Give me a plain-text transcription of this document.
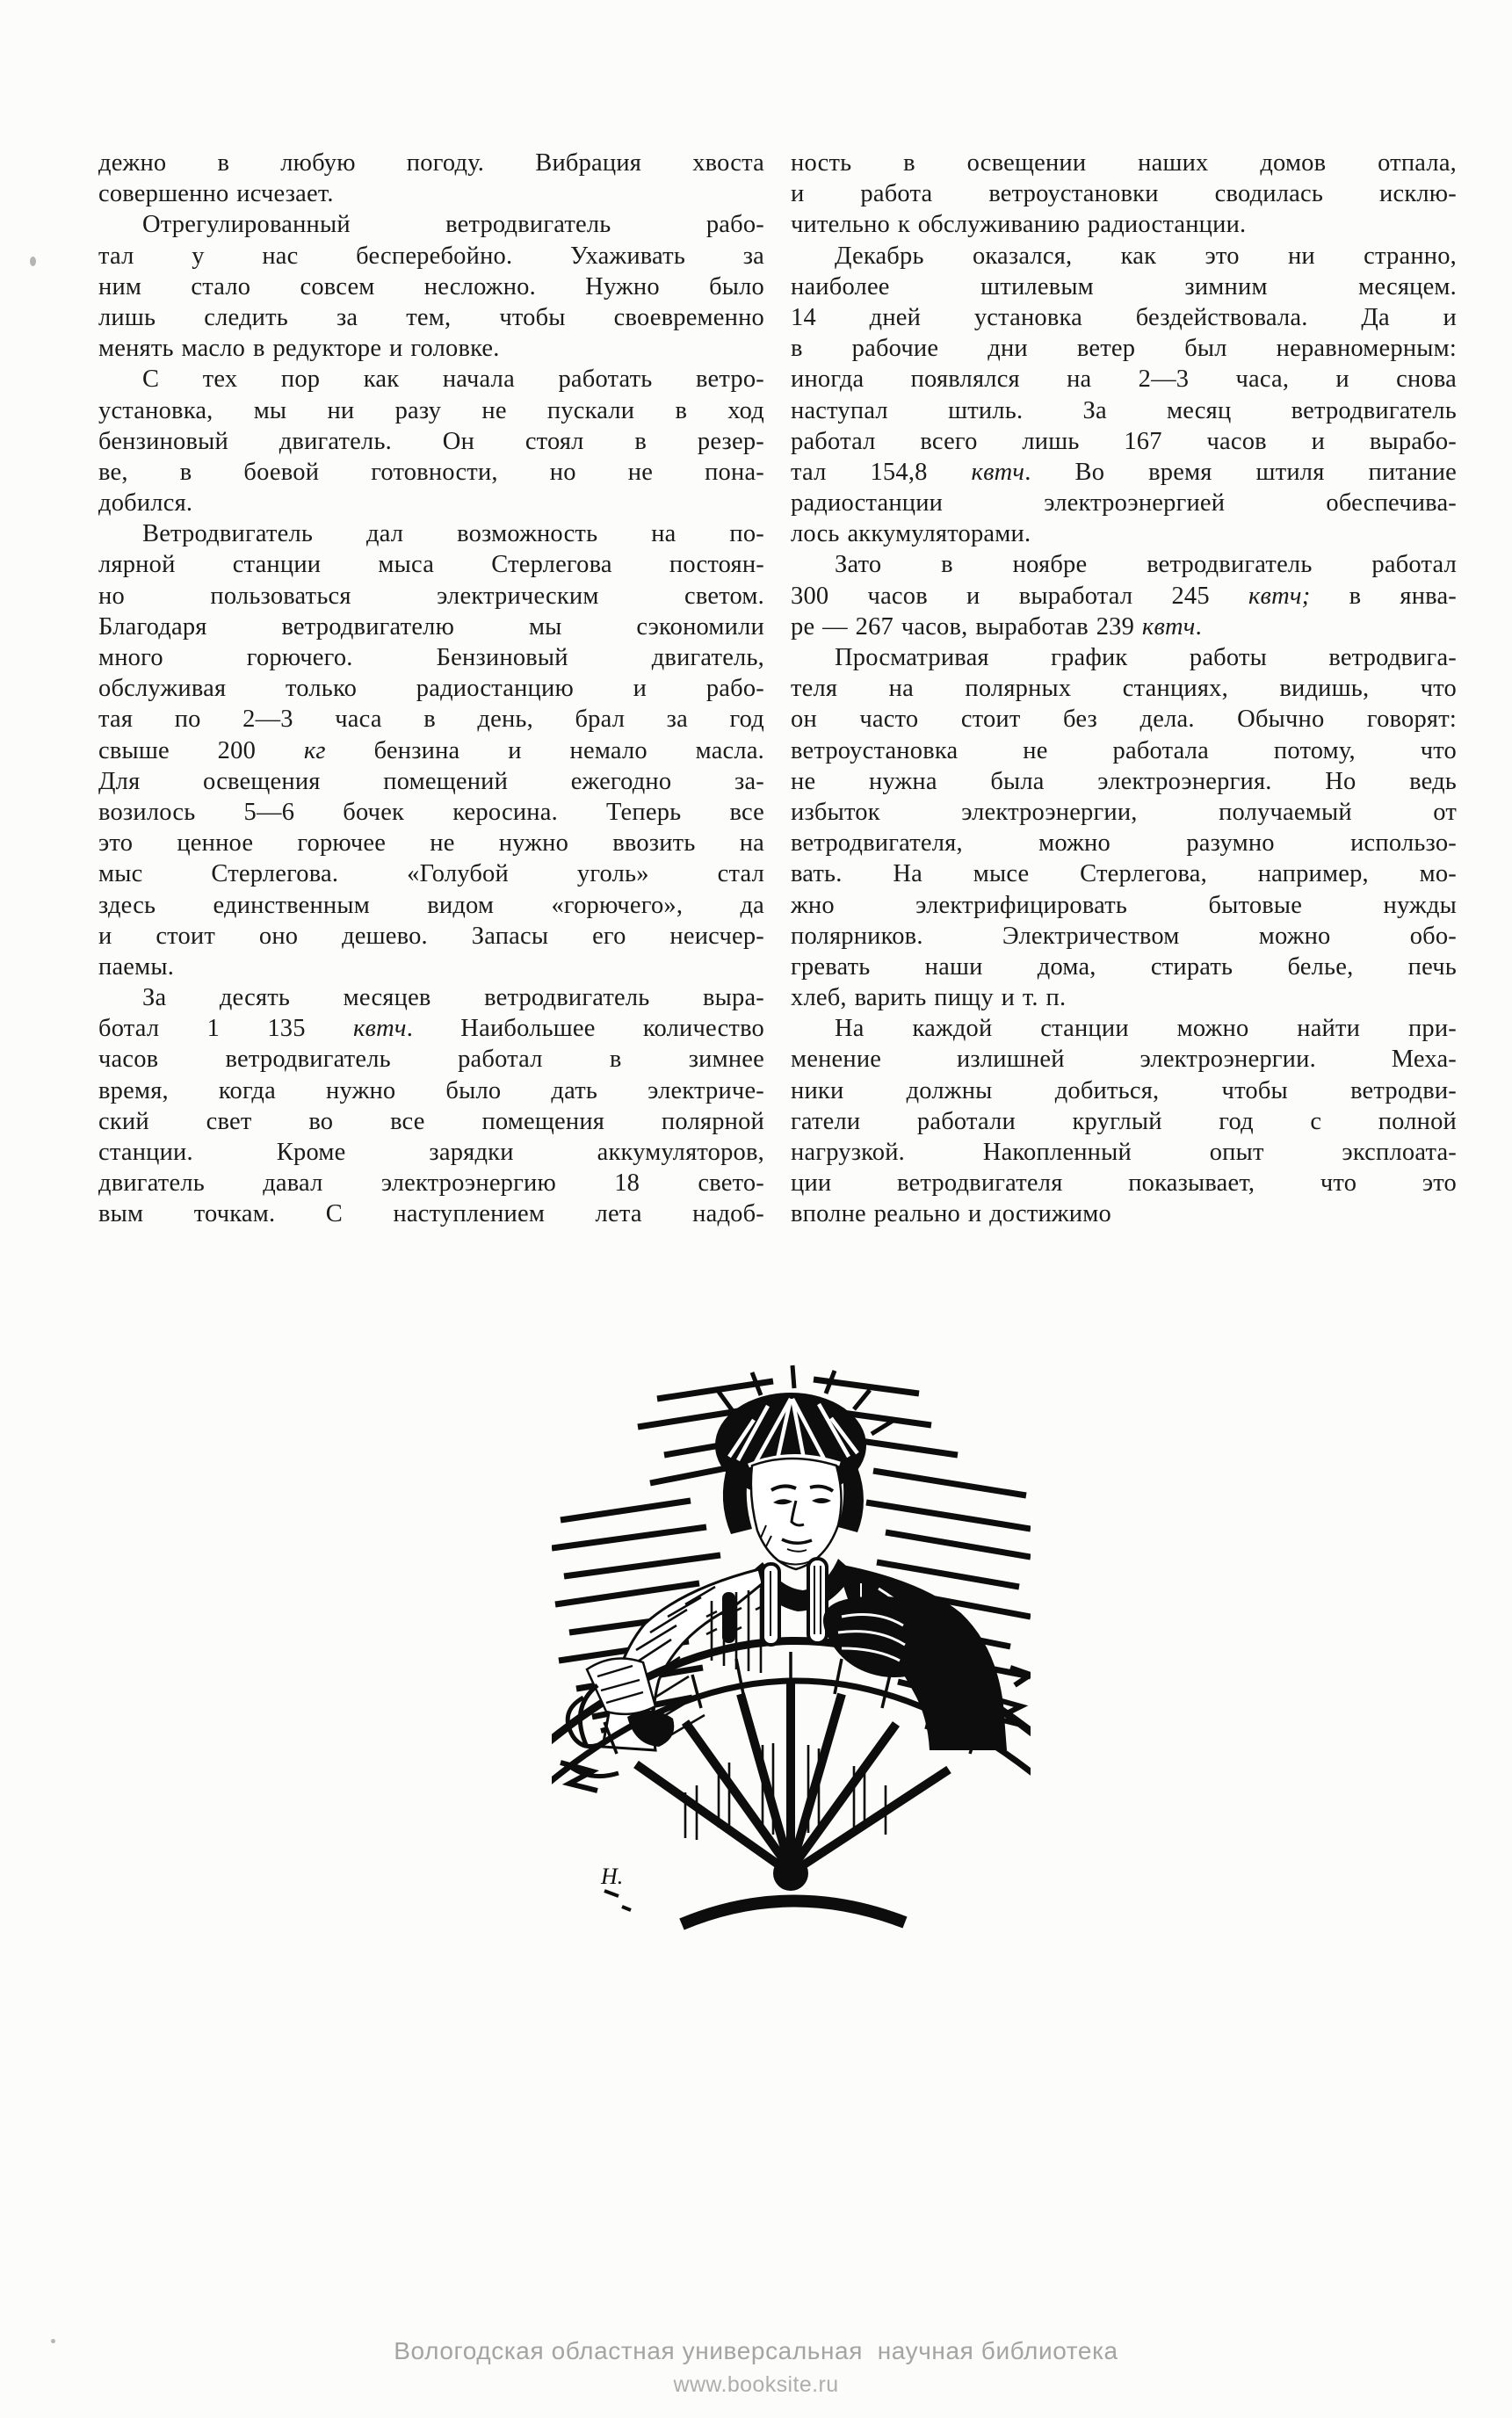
дежно в любую погоду. Вибрация хвоста
совершенно исчезает.
Отрегулированный ветродвигатель рабо-
тал у нас бесперебойно. Ухаживать за
ним стало совсем несложно. Нужно было
лишь следить за тем, чтобы своевременно
менять масло в редукторе и головке.
С тех пор как начала работать ветро-
установка, мы ни разу не пускали в ход
бензиновый двигатель. Он стоял в резер-
ве, в боевой готовности, но не пона-
добился.
Ветродвигатель дал возможность на по-
лярной станции мыса Стерлегова постоян-
но пользоваться электрическим светом.
Благодаря ветродвигателю мы сэкономили
много горючего. Бензиновый двигатель,
обслуживая только радиостанцию и рабо-
тая по 2—3 часа в день, брал за год
свыше 200 кг бензина и немало масла.
Для освещения помещений ежегодно за-
возилось 5—6 бочек керосина. Теперь все
это ценное горючее не нужно ввозить на
мыс Стерлегова. «Голубой уголь» стал
здесь единственным видом «горючего», да
и стоит оно дешево. Запасы его неисчер-
паемы.
За десять месяцев ветродвигатель выра-
ботал 1 135 квтч. Наибольшее количество
часов ветродвигатель работал в зимнее
время, когда нужно было дать электриче-
ский свет во все помещения полярной
станции. Кроме зарядки аккумуляторов,
двигатель давал электроэнергию 18 свето-
вым точкам. С наступлением лета надоб-
ность в освещении наших домов отпала,
и работа ветроустановки сводилась исклю-
чительно к обслуживанию радиостанции.
Декабрь оказался, как это ни странно,
наиболее штилевым зимним месяцем.
14 дней установка бездействовала. Да и
в рабочие дни ветер был неравномерным:
иногда появлялся на 2—3 часа, и снова
наступал штиль. За месяц ветродвигатель
работал всего лишь 167 часов и вырабо-
тал 154,8 квтч. Во время штиля питание
радиостанции электроэнергией обеспечива-
лось аккумуляторами.
Зато в ноябре ветродвигатель работал
300 часов и выработал 245 квтч; в янва-
ре — 267 часов, выработав 239 квтч.
Просматривая график работы ветродвига-
теля на полярных станциях, видишь, что
он часто стоит без дела. Обычно говорят:
ветроустановка не работала потому, что
не нужна была электроэнергия. Но ведь
избыток электроэнергии, получаемый от
ветродвигателя, можно разумно использо-
вать. На мысе Стерлегова, например, мо-
жно электрифицировать бытовые нужды
полярников. Электричеством можно обо-
гревать наши дома, стирать белье, печь
хлеб, варить пищу и т. п.
На каждой станции можно найти при-
менение излишней электроэнергии. Меха-
ники должны добиться, чтобы ветродви-
гатели работали круглый год с полной
нагрузкой. Накопленный опыт эксплоата-
ции ветродвигателя показывает, что это
вполне реально и достижимо
Н.
Вологодская областная универсальная  научная библиотека
www.booksite.ru
